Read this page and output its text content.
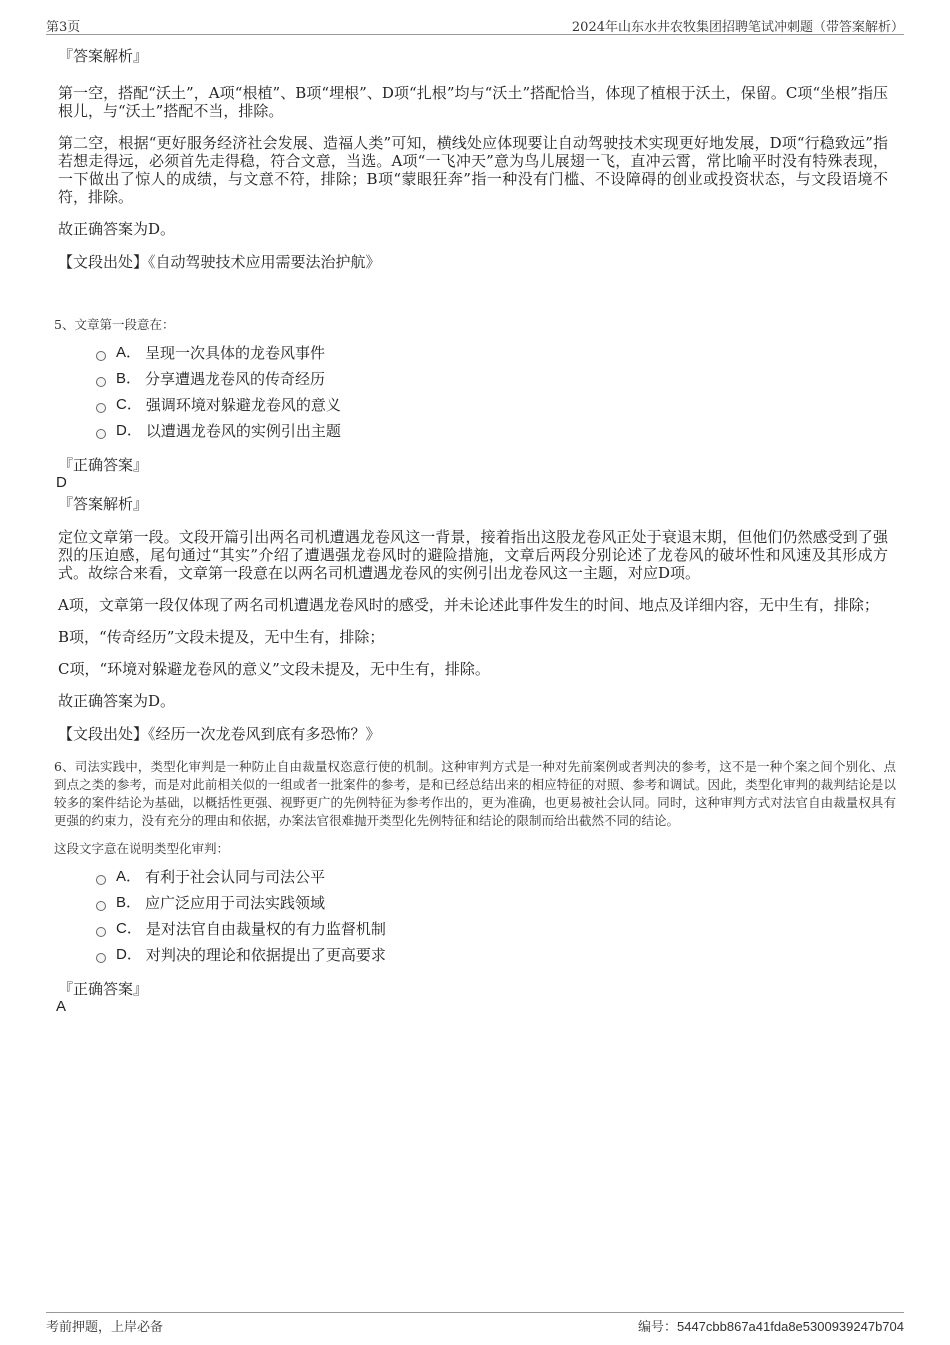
第3页	2024年山东水井农牧集团招聘笔试冲刺题（带答案解析）
『答案解析』

第一空，搭配“沃土”，A项“根植”、B项“埋根”、D项“扎根”均与“沃土”搭配恰当，体现了植根于沃土，保留。C项“坐根”指压根儿，与“沃土”搭配不当，排除。

第二空，根据“更好服务经济社会发展、造福人类”可知，横线处应体现要让自动驾驶技术实现更好地发展，D项“行稳致远”指若想走得远，必须首先走得稳，符合文意，当选。A项“一飞冲天”意为鸟儿展翅一飞，直冲云霄，常比喻平时没有特殊表现，一下做出了惊人的成绩，与文意不符，排除；B项“蒙眼狂奔”指一种没有门槛、不设障碍的创业或投资状态，与文段语境不符，排除。

故正确答案为D。

【文段出处】《自动驾驶技术应用需要法治护航》

5、文章第一段意在：

A． 呈现一次具体的龙卷风事件
B． 分享遭遇龙卷风的传奇经历
C． 强调环境对躲避龙卷风的意义
D． 以遭遇龙卷风的实例引出主题
『正确答案』
D
『答案解析』

定位文章第一段。文段开篇引出两名司机遭遇龙卷风这一背景，接着指出这股龙卷风正处于衰退末期，但他们仍然感受到了强烈的压迫感，尾句通过“其实”介绍了遭遇强龙卷风时的避险措施，文章后两段分别论述了龙卷风的破坏性和风速及其形成方式。故综合来看，文章第一段意在以两名司机遭遇龙卷风的实例引出龙卷风这一主题，对应D项。

A项，文章第一段仅体现了两名司机遭遇龙卷风时的感受，并未论述此事件发生的时间、地点及详细内容，无中生有，排除；

B项，“传奇经历”文段未提及，无中生有，排除；

C项，“环境对躲避龙卷风的意义”文段未提及，无中生有，排除。

故正确答案为D。

【文段出处】《经历一次龙卷风到底有多恐怖？》

6、司法实践中，类型化审判是一种防止自由裁量权恣意行使的机制。这种审判方式是一种对先前案例或者判决的参考，这不是一种个案之间个别化、点到点之类的参考，而是对此前相关似的一组或者一批案件的参考，是和已经总结出来的相应特征的对照、参考和调试。因此，类型化审判的裁判结论是以较多的案件结论为基础，以概括性更强、视野更广的先例特征为参考作出的，更为准确，也更易被社会认同。同时，这种审判方式对法官自由裁量权具有更强的约束力，没有充分的理由和依据，办案法官很难抛开类型化先例特征和结论的限制而给出截然不同的结论。

这段文字意在说明类型化审判：

A． 有利于社会认同与司法公平
B． 应广泛应用于司法实践领域
C． 是对法官自由裁量权的有力监督机制
D． 对判决的理论和依据提出了更高要求
『正确答案』
A
考前押题，上岸必备	编号：5447cbb867a41fda8e5300939247b704
